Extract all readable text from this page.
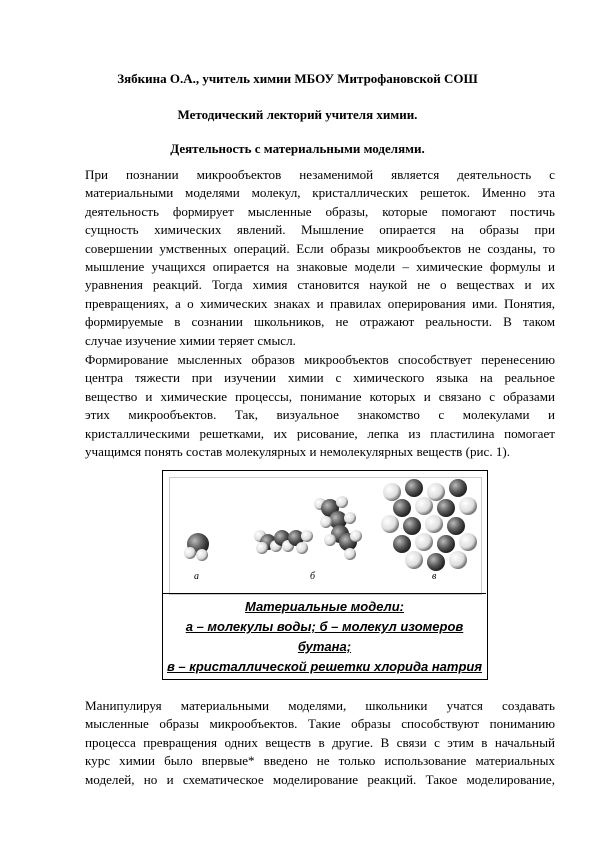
Зябкина О.А., учитель химии МБОУ Митрофановской СОШ
Методический лекторий учителя химии.
Деятельность с материальными моделями.
При познании микрообъектов незаменимой является деятельность с
материальными моделями молекул, кристаллических решеток. Именно эта
деятельность формирует мысленные образы, которые помогают постичь
сущность химических явлений. Мышление опирается на образы при
совершении умственных операций. Если образы микрообъектов не созданы, то
мышление учащихся опирается на знаковые модели – химические формулы и
уравнения реакций. Тогда химия становится наукой не о веществах и их
превращениях, а о химических знаках и правилах оперирования ими. Понятия,
формируемые в сознании школьников, не отражают реальности. В таком
случае изучение химии теряет смысл.
Формирование мысленных образов микрообъектов способствует перенесению
центра тяжести при изучении химии с химического языка на реальное
вещество и химические процессы, понимание которых и связано с образами
этих микрообъектов. Так, визуальное знакомство с молекулами и
кристаллическими решетками, их рисование, лепка из пластилина помогает
учащимся понять состав молекулярных и немолекулярных веществ (рис. 1).
а	б	в
Материальные модели:
а – молекулы воды; б – молекул изомеров
бутана;
в – кристаллической решетки хлорида натрия
Манипулируя материальными моделями, школьники учатся создавать
мысленные образы микрообъектов. Такие образы способствуют пониманию
процесса превращения одних веществ в другие. В связи с этим в начальный
курс химии было впервые* введено не только использование материальных
моделей, но и схематическое моделирование реакций. Такое моделирование,
